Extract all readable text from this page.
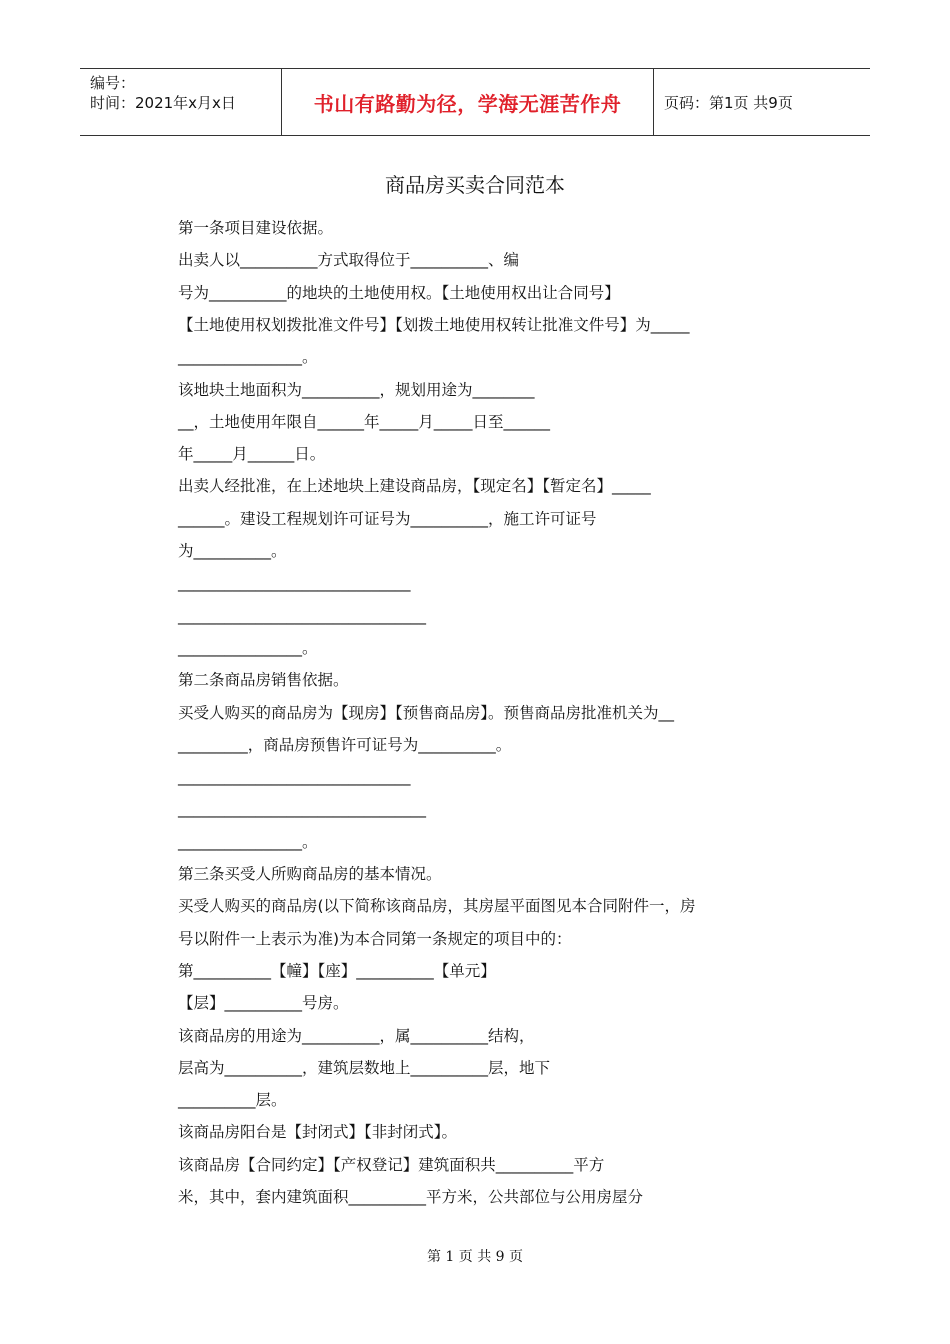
编号：
时间：2021年x月x日	书山有路勤为径，学海无涯苦作舟	页码：第1页 共9页
商品房买卖合同范本
第一条项目建设依据。
出卖人以__________方式取得位于__________、编
号为__________的地块的土地使用权。【土地使用权出让合同号】
【土地使用权划拨批准文件号】【划拨土地使用权转让批准文件号】为_____
________________。
该地块土地面积为__________，规划用途为________
__，土地使用年限自______年_____月_____日至______
年_____月______日。
出卖人经批准，在上述地块上建设商品房，【现定名】【暂定名】_____
______。建设工程规划许可证号为__________，施工许可证号
为__________。
______________________________
________________________________
________________。
第二条商品房销售依据。
买受人购买的商品房为【现房】【预售商品房】。预售商品房批准机关为__
_________，商品房预售许可证号为__________。
______________________________
________________________________
________________。
第三条买受人所购商品房的基本情况。
买受人购买的商品房(以下简称该商品房，其房屋平面图见本合同附件一，房
号以附件一上表示为准)为本合同第一条规定的项目中的：
第__________【幢】【座】__________【单元】
【层】__________号房。
该商品房的用途为__________，属__________结构，
层高为__________，建筑层数地上__________层，地下
__________层。
该商品房阳台是【封闭式】【非封闭式】。
该商品房【合同约定】【产权登记】建筑面积共__________平方
米，其中，套内建筑面积__________平方米，公共部位与公用房屋分
第 1 页 共 9 页
